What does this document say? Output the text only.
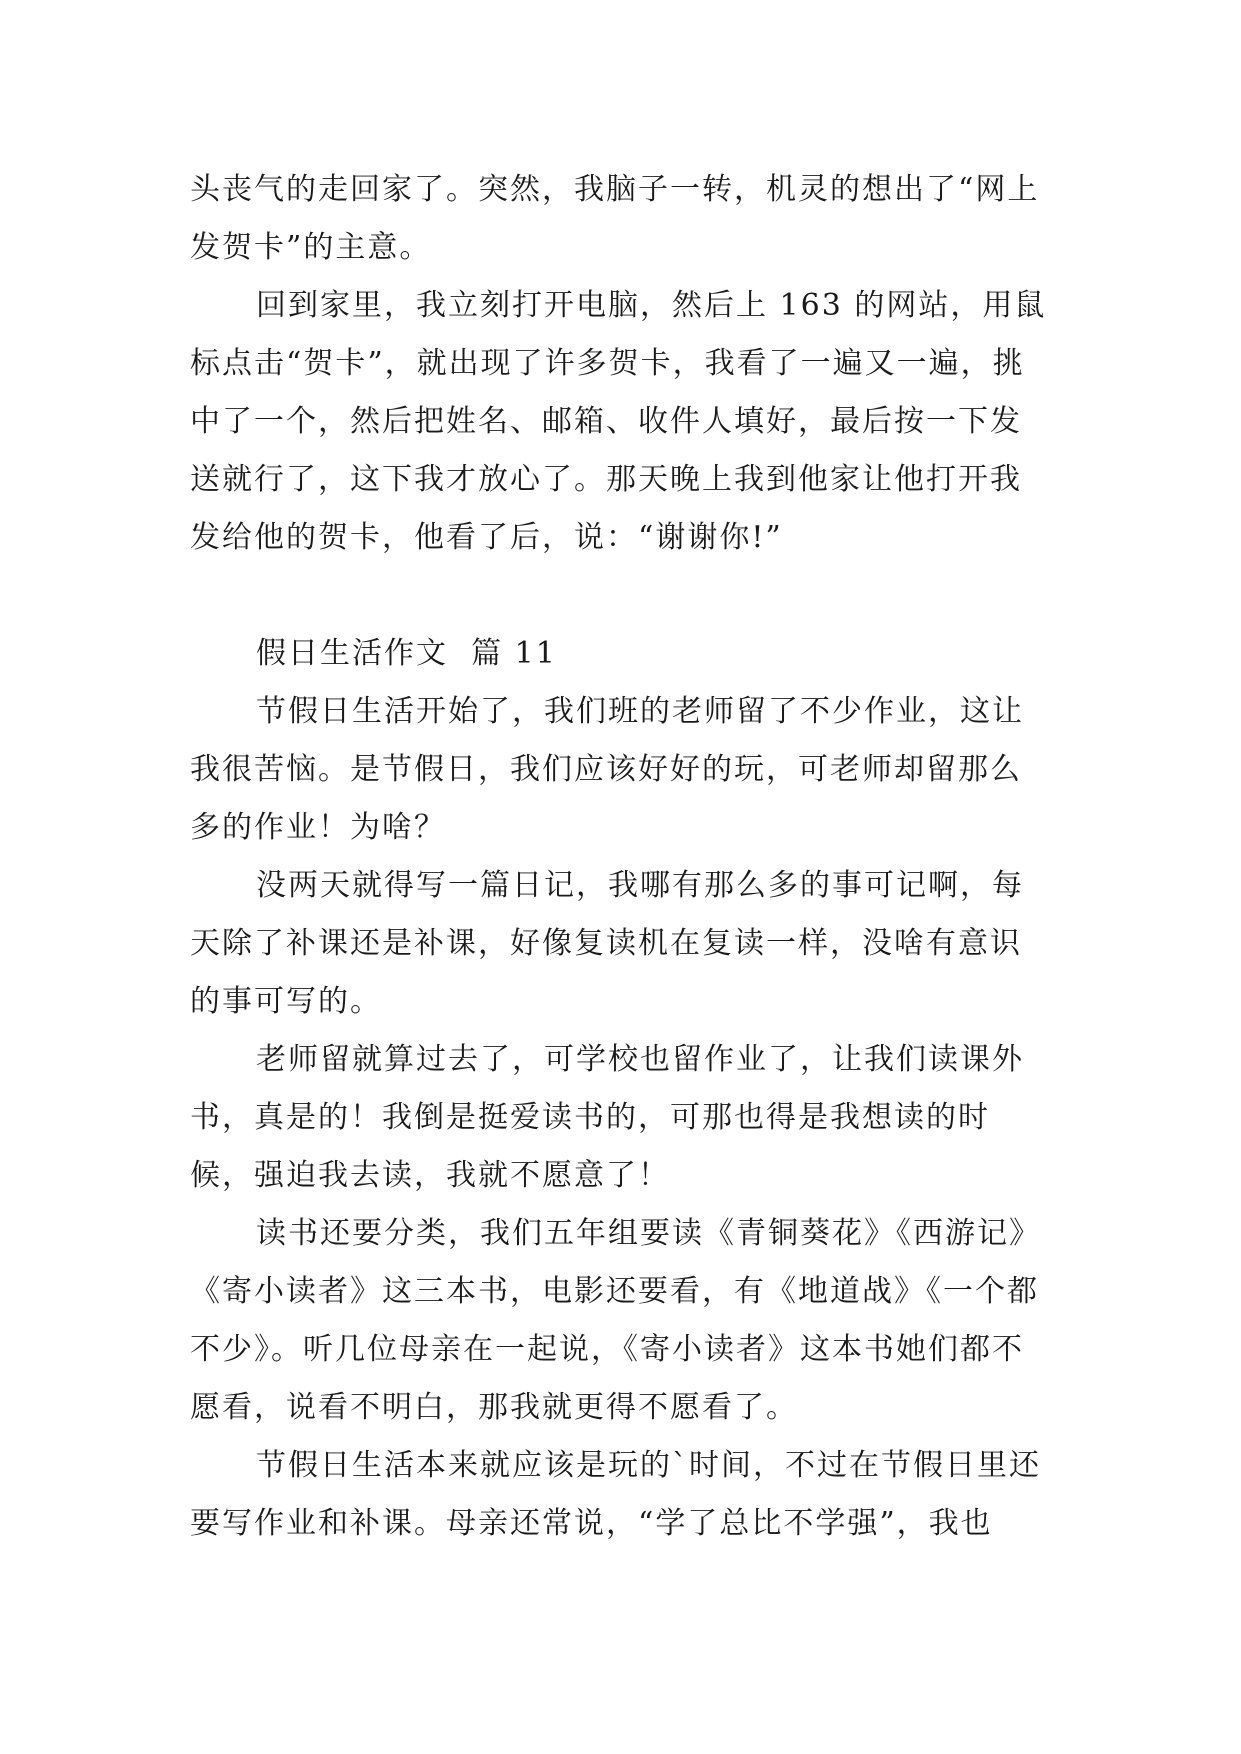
头丧气的走回家了。突然，我脑子一转，机灵的想出了“网上发贺卡”的主意。

回到家里，我立刻打开电脑，然后上 163 的网站，用鼠标点击“贺卡”，就出现了许多贺卡，我看了一遍又一遍，挑中了一个，然后把姓名、邮箱、收件人填好，最后按一下发送就行了，这下我才放心了。那天晚上我到他家让他打开我发给他的贺卡，他看了后，说：“谢谢你!”

假日生活作文  篇 11

节假日生活开始了，我们班的老师留了不少作业，这让我很苦恼。是节假日，我们应该好好的玩，可老师却留那么多的作业！为啥？

没两天就得写一篇日记，我哪有那么多的事可记啊，每天除了补课还是补课，好像复读机在复读一样，没啥有意识的事可写的。

老师留就算过去了，可学校也留作业了，让我们读课外书，真是的！我倒是挺爱读书的，可那也得是我想读的时候，强迫我去读，我就不愿意了！

读书还要分类，我们五年组要读《青铜葵花》《西游记》《寄小读者》这三本书，电影还要看，有《地道战》《一个都不少》。听几位母亲在一起说，《寄小读者》这本书她们都不愿看，说看不明白，那我就更得不愿看了。

节假日生活本来就应该是玩的`时间，不过在节假日里还要写作业和补课。母亲还常说，“学了总比不学强”，我也
